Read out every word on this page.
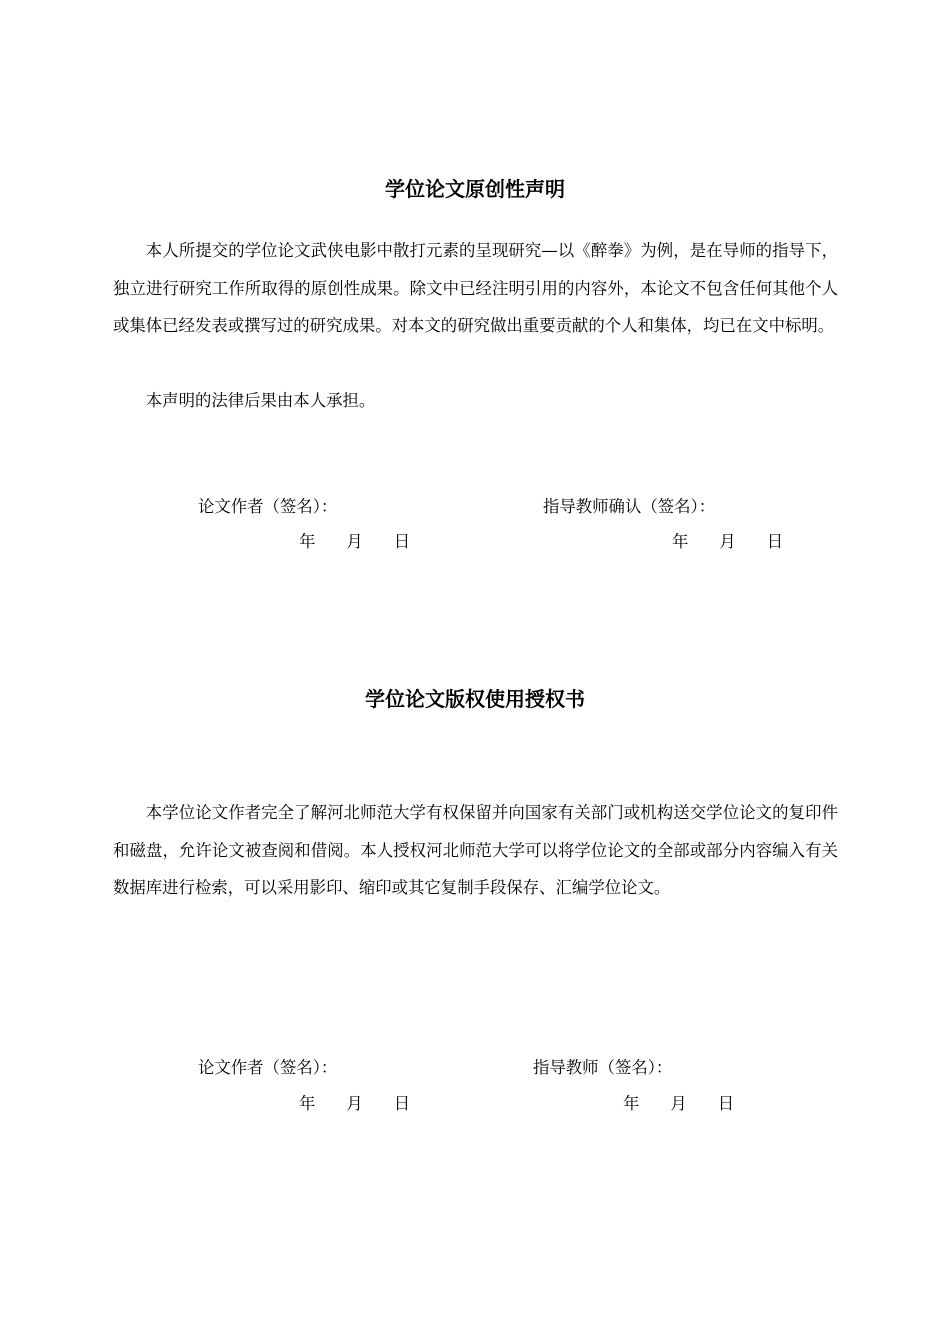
学位论文原创性声明

本人所提交的学位论文武侠电影中散打元素的呈现研究—以《醉拳》为例，是在导师的指导下，独立进行研究工作所取得的原创性成果。除文中已经注明引用的内容外，本论文不包含任何其他个人或集体已经发表或撰写过的研究成果。对本文的研究做出重要贡献的个人和集体，均已在文中标明。

本声明的法律后果由本人承担。

论文作者（签名）：	指导教师确认（签名）：
年 月 日	年 月 日
学位论文版权使用授权书

本学位论文作者完全了解河北师范大学有权保留并向国家有关部门或机构送交学位论文的复印件和磁盘，允许论文被查阅和借阅。本人授权河北师范大学可以将学位论文的全部或部分内容编入有关数据库进行检索，可以采用影印、缩印或其它复制手段保存、汇编学位论文。

论文作者（签名）：	指导教师（签名）：
年 月 日	年 月 日
